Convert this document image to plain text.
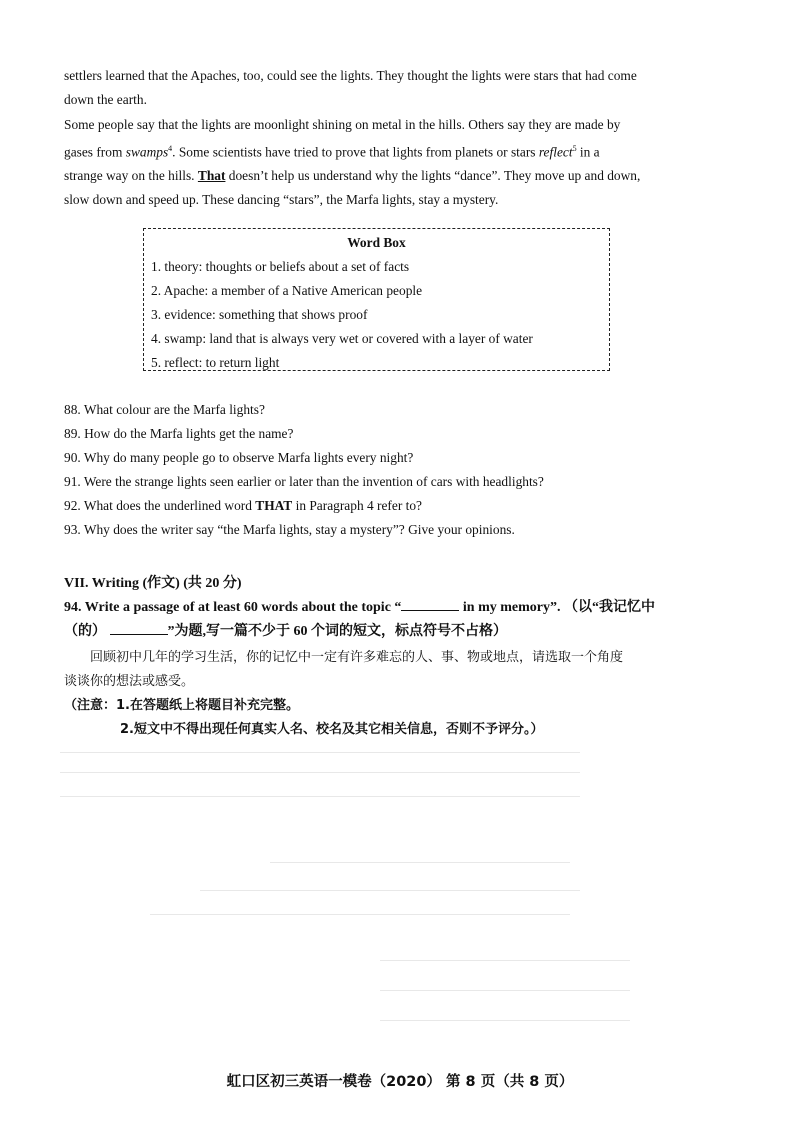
settlers learned that the Apaches, too, could see the lights. They thought the lights were stars that had come
down the earth.

Some people say that the lights are moonlight shining on metal in the hills. Others say they are made by
gases from swamps$^4$. Some scientists have tried to prove that lights from planets or stars reflect$^5$ in a
strange way on the hills. That doesn’t help us understand why the lights “dance”. They move up and down,
slow down and speed up. These dancing “stars”, the Marfa lights, stay a mystery.

Word Box
1. theory: thoughts or beliefs about a set of facts
2. Apache: a member of a Native American people
3. evidence: something that shows proof
4. swamp: land that is always very wet or covered with a layer of water
5. reflect: to return light
88. What colour are the Marfa lights?
89. How do the Marfa lights get the name?
90. Why do many people go to observe Marfa lights every night?
91. Were the strange lights seen earlier or later than the invention of cars with headlights?
92. What does the underlined word THAT in Paragraph 4 refer to?
93. Why does the writer say “the Marfa lights, stay a mystery”? Give your opinions.
VII. Writing (作文) (共 20 分)
94. Write a passage of at least 60 words about the topic “	in my memory”. （以“我记忆中
（的）	”为题,写一篇不少于 60 个词的短文，标点符号不占格）
回顾初中几年的学习生活，你的记忆中一定有许多难忘的人、事、物或地点，请选取一个角度
谈谈你的想法或感受。
（注意：1.在答题纸上将题目补充完整。
2.短文中不得出现任何真实人名、校名及其它相关信息，否则不予评分。）
虹口区初三英语一模卷（2020） 第 8 页（共 8 页）
